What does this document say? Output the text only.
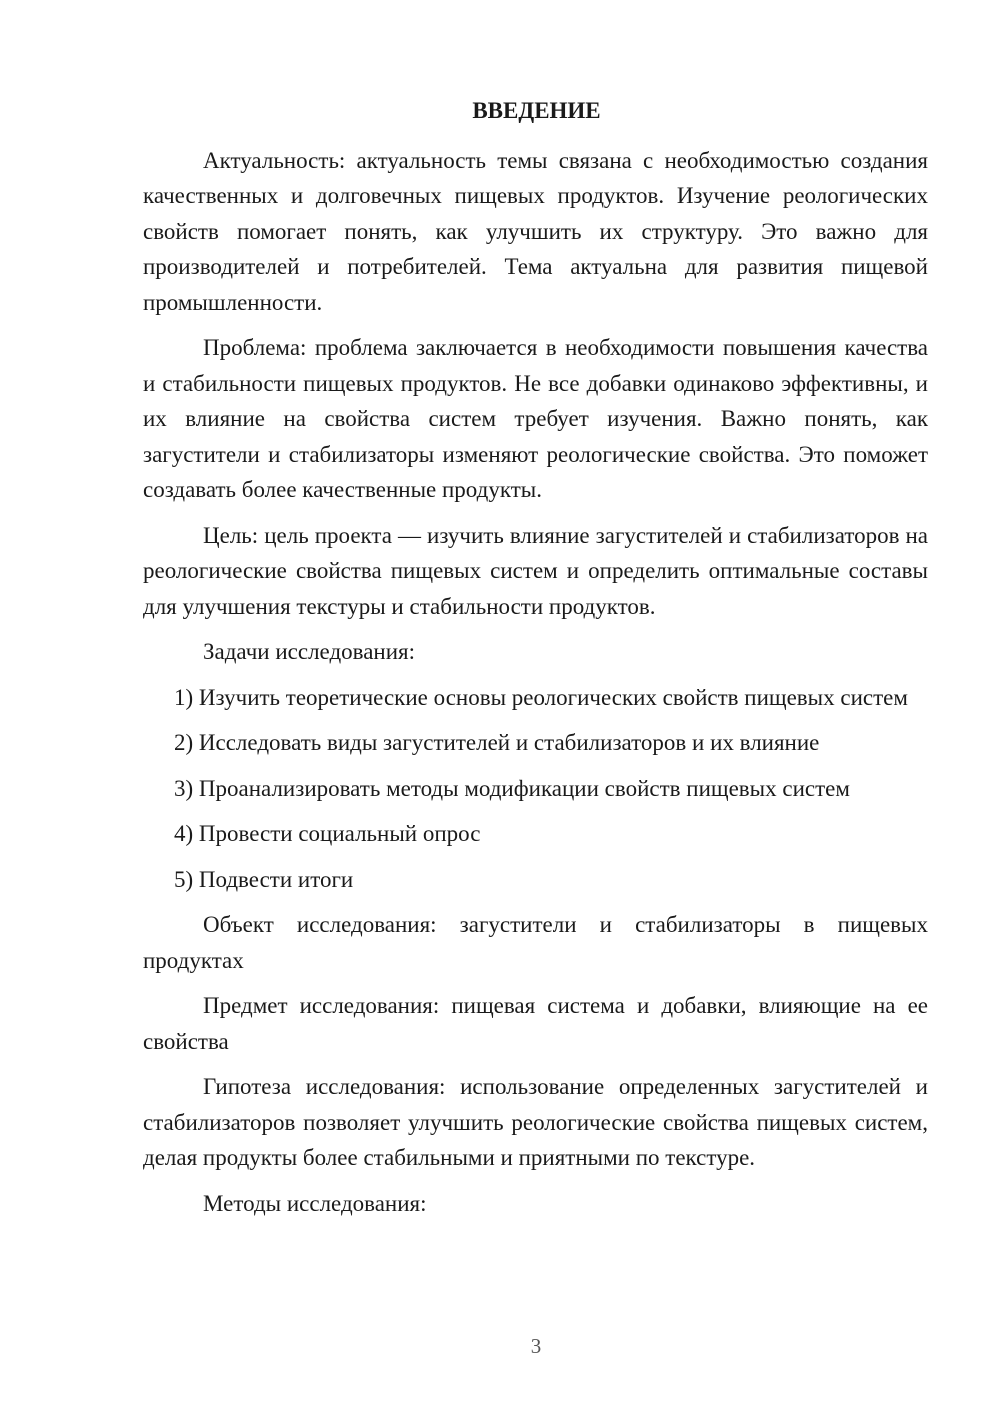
ВВЕДЕНИЕ

Актуальность: актуальность темы связана с необходимостью создания качественных и долговечных пищевых продуктов. Изучение реологических свойств помогает понять, как улучшить их структуру. Это важно для производителей и потребителей. Тема актуальна для развития пищевой промышленности.

Проблема: проблема заключается в необходимости повышения качества и стабильности пищевых продуктов. Не все добавки одинаково эффективны, и их влияние на свойства систем требует изучения. Важно понять, как загустители и стабилизаторы изменяют реологические свойства. Это поможет создавать более качественные продукты.

Цель: цель проекта — изучить влияние загустителей и стабилизаторов на реологические свойства пищевых систем и определить оптимальные составы для улучшения текстуры и стабильности продуктов.

Задачи исследования:

1) Изучить теоретические основы реологических свойств пищевых систем

2) Исследовать виды загустителей и стабилизаторов и их влияние

3) Проанализировать методы модификации свойств пищевых систем

4) Провести социальный опрос

5) Подвести итоги

Объект исследования: загустители и стабилизаторы в пищевых продуктах

Предмет исследования: пищевая система и добавки, влияющие на ее свойства

Гипотеза исследования: использование определенных загустителей и стабилизаторов позволяет улучшить реологические свойства пищевых систем, делая продукты более стабильными и приятными по текстуре.

Методы исследования:

3
